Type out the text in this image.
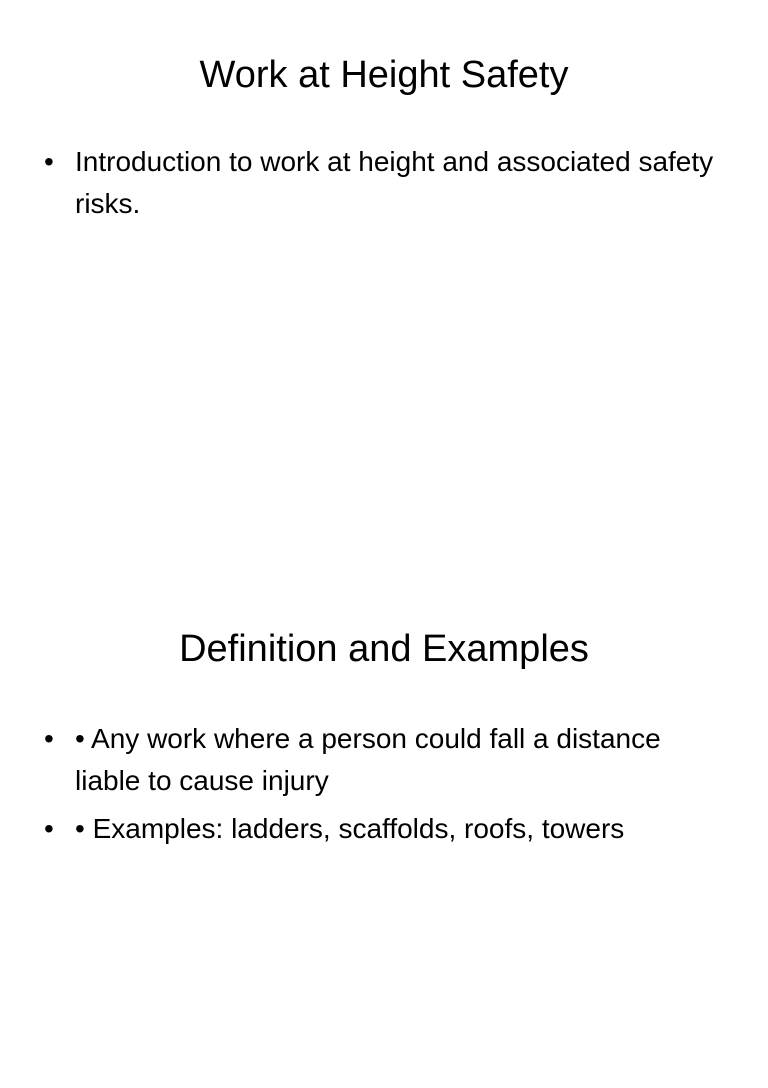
Work at Height Safety
• Introduction to work at height and associated safety risks.
Definition and Examples
• • Any work where a person could fall a distance liable to cause injury
• • Examples: ladders, scaffolds, roofs, towers
